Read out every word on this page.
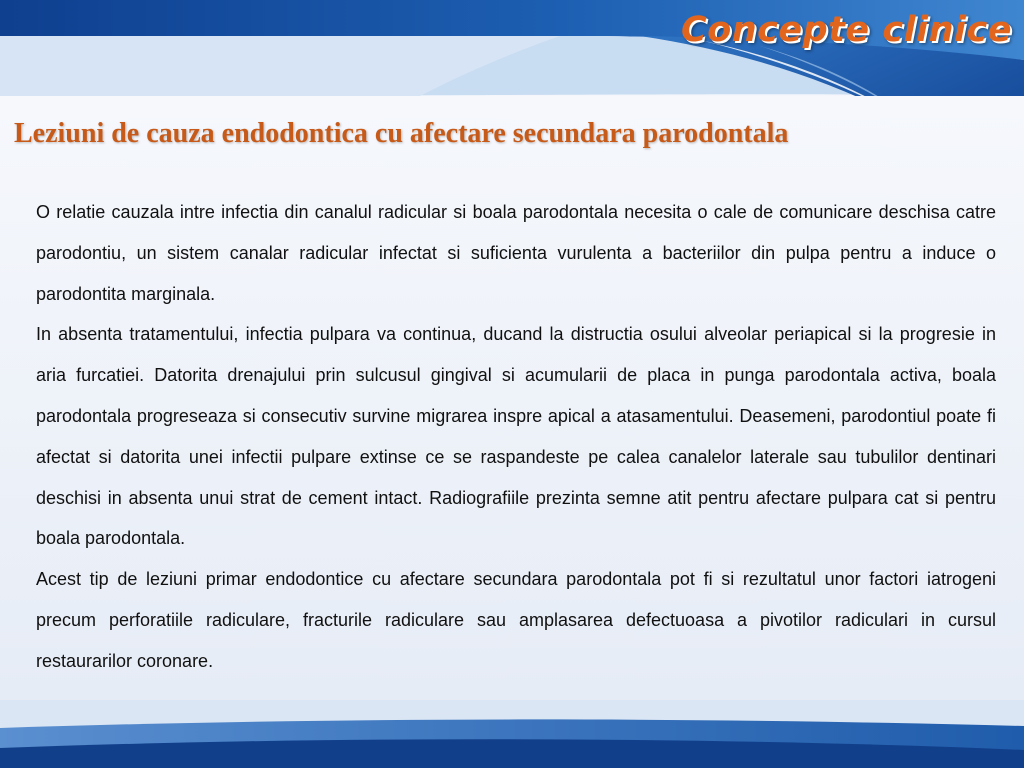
Concepte clinice
Leziuni de cauza endodontica cu afectare secundara parodontala

O relatie cauzala intre infectia din canalul radicular si boala parodontala necesita o cale de comunicare deschisa catre parodontiu, un sistem canalar radicular infectat si suficienta vurulenta a bacteriilor din pulpa pentru a induce o parodontita marginala.

In absenta tratamentului, infectia pulpara va continua, ducand la distructia osului alveolar periapical si la progresie in aria furcatiei. Datorita drenajului prin sulcusul gingival si acumularii de placa in punga parodontala activa, boala parodontala progreseaza si consecutiv survine migrarea inspre apical a atasamentului. Deasemeni, parodontiul poate fi afectat si datorita unei infectii pulpare extinse ce se raspandeste pe calea canalelor laterale sau tubulilor dentinari deschisi in absenta unui strat de cement intact. Radiografiile prezinta semne atit pentru afectare pulpara cat si pentru boala parodontala.

Acest tip de leziuni primar endodontice cu afectare secundara parodontala pot fi si rezultatul unor factori iatrogeni precum perforatiile radiculare, fracturile radiculare sau amplasarea defectuoasa a pivotilor radiculari in cursul restaurarilor coronare.
